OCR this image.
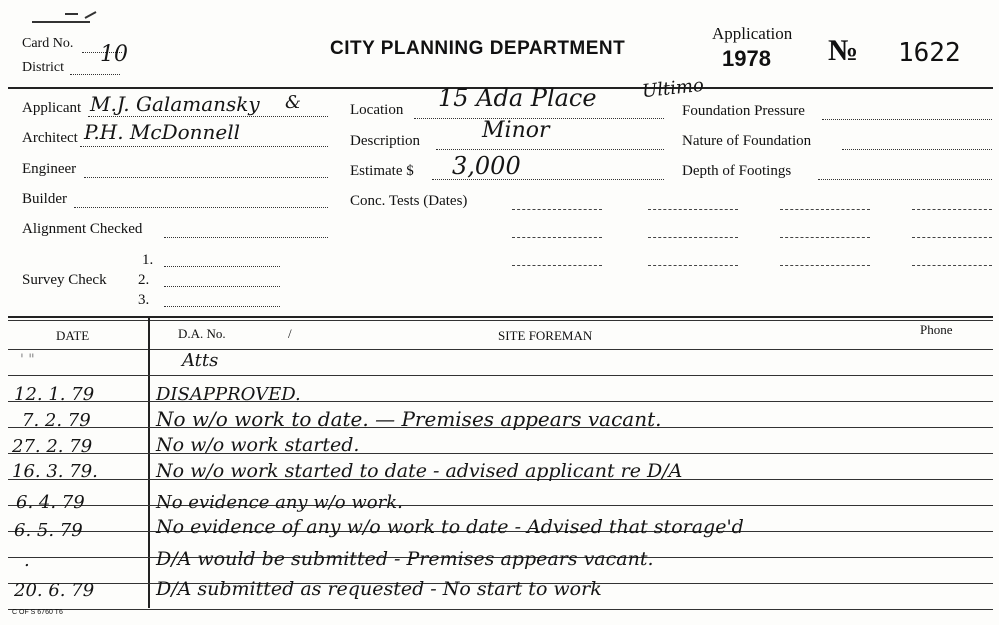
Card No. 10
District
CITY PLANNING DEPARTMENT
Application
1978 № 1622
Applicant M.J. Galamansky &
Architect P.H. McDonnell
Engineer
Builder
Alignment Checked
Survey Check
1.
2.
3.
Location 15 Ada Place Ultimo
Description	Minor
Estimate $ 3,000
Conc. Tests (Dates)
Foundation Pressure
Nature of Foundation
Depth of Footings
DATE	D.A. No.	/	SITE FOREMAN	Phone
Atts
' "
12. 1. 79	DISAPPROVED.
7. 2. 79	No w/o work to date. — Premises appears vacant.
27. 2. 79	No w/o work started.
16. 3. 79.	No w/o work started to date - advised applicant re D/A
6. 4. 79	No evidence any w/o work.
6. 5. 79	No evidence of any w/o work to date - Advised that storage'd
.	D/A would be submitted - Premises appears vacant.
20. 6. 79	D/A submitted as requested - No start to work
C OF S 6760 T6
